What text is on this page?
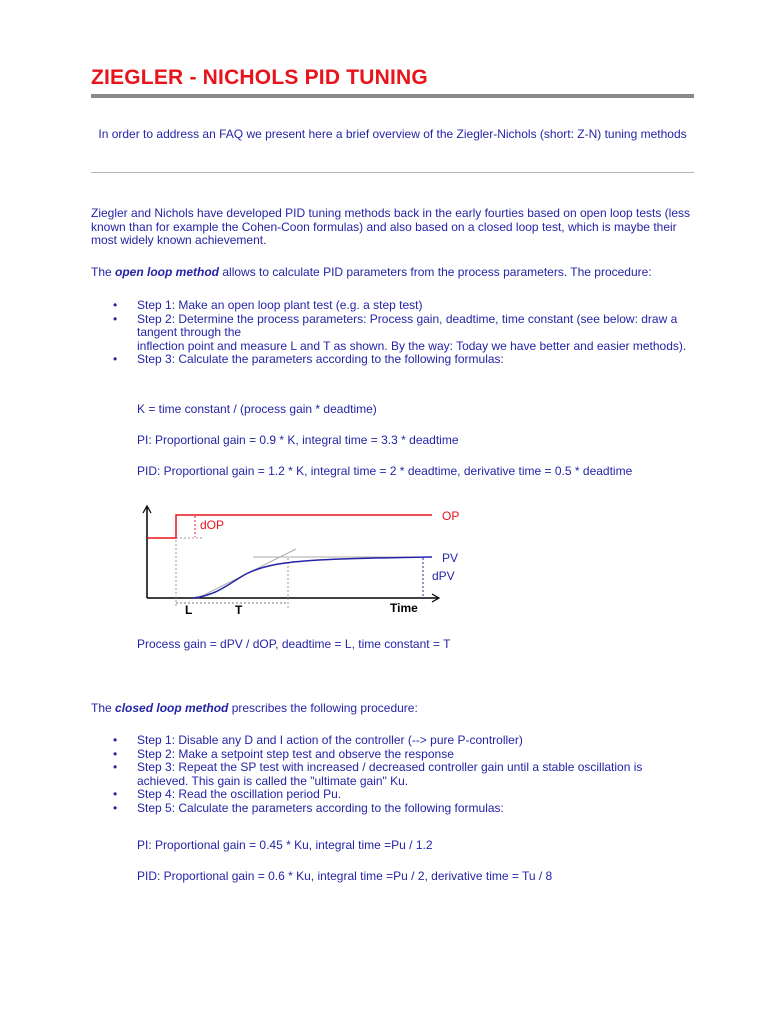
ZIEGLER - NICHOLS PID TUNING
In order to address an FAQ we present here a brief overview of the Ziegler-Nichols (short: Z-N) tuning methods

Ziegler and Nichols have developed PID tuning methods back in the early fourties based on open loop tests (less known than for example the Cohen-Coon formulas) and also based on a closed loop test, which is maybe their most widely known achievement.

The open loop method allows to calculate PID parameters from the process parameters. The procedure:

• Step 1: Make an open loop plant test (e.g. a step test)
• Step 2: Determine the process parameters: Process gain, deadtime, time constant (see below: draw a tangent through the
inflection point and measure L and T as shown. By the way: Today we have better and easier methods).
• Step 3: Calculate the parameters according to the following formulas:

K = time constant / (process gain * deadtime)

PI: Proportional gain = 0.9 * K, integral time = 3.3 * deadtime

PID: Proportional gain = 1.2 * K, integral time = 2 * deadtime, derivative time = 0.5 * deadtime

dOP
OP
PV
dPV
L	T	Time

Process gain = dPV / dOP, deadtime = L, time constant = T

The closed loop method prescribes the following procedure:

• Step 1: Disable any D and I action of the controller (--> pure P-controller)
• Step 2: Make a setpoint step test and observe the response
• Step 3: Repeat the SP test with increased / decreased controller gain until a stable oscillation is achieved. This gain is called the "ultimate gain" Ku.
• Step 4: Read the oscillation period Pu.
• Step 5: Calculate the parameters according to the following formulas:

PI: Proportional gain = 0.45 * Ku, integral time =Pu / 1.2

PID: Proportional gain = 0.6 * Ku, integral time =Pu / 2, derivative time = Tu / 8
